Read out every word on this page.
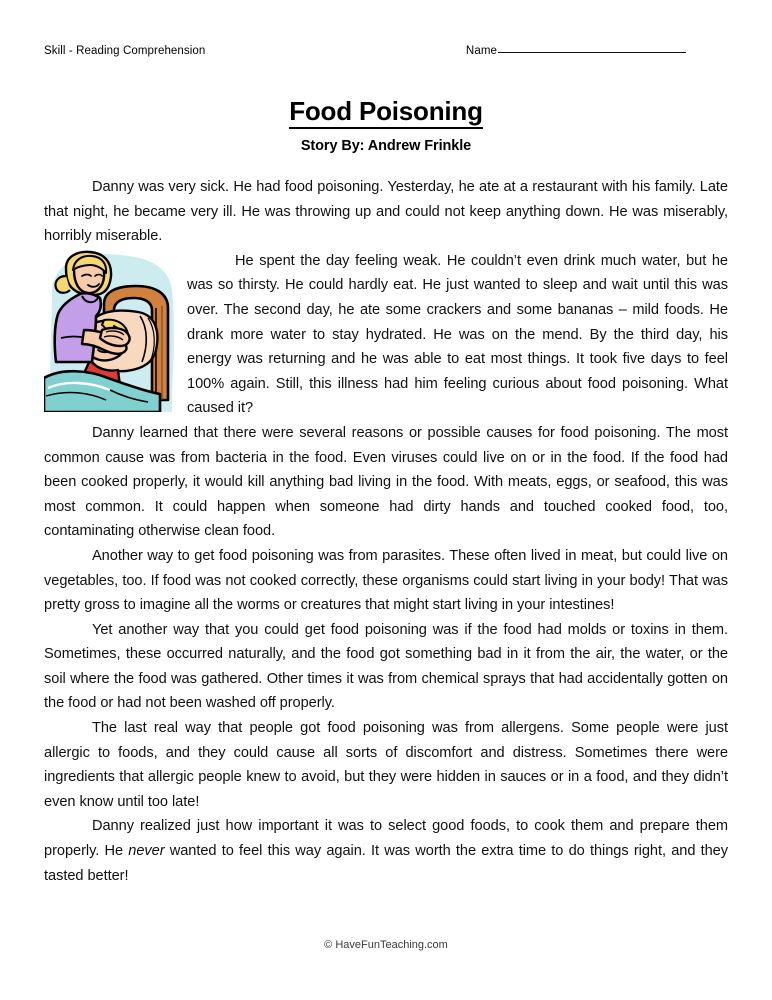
Skill - Reading Comprehension	Name
Food Poisoning
Story By: Andrew Frinkle

Danny was very sick. He had food poisoning. Yesterday, he ate at a restaurant with his family. Late that night, he became very ill. He was throwing up and could not keep anything down. He was miserably, horribly miserable.

He spent the day feeling weak. He couldn’t even drink much water, but he was so thirsty. He could hardly eat. He just wanted to sleep and wait until this was over. The second day, he ate some crackers and some bananas – mild foods. He drank more water to stay hydrated. He was on the mend. By the third day, his energy was returning and he was able to eat most things. It took five days to feel 100% again. Still, this illness had him feeling curious about food poisoning. What caused it?

Danny learned that there were several reasons or possible causes for food poisoning. The most common cause was from bacteria in the food. Even viruses could live on or in the food. If the food had been cooked properly, it would kill anything bad living in the food. With meats, eggs, or seafood, this was most common. It could happen when someone had dirty hands and touched cooked food, too, contaminating otherwise clean food.

Another way to get food poisoning was from parasites. These often lived in meat, but could live on vegetables, too. If food was not cooked correctly, these organisms could start living in your body! That was pretty gross to imagine all the worms or creatures that might start living in your intestines!

Yet another way that you could get food poisoning was if the food had molds or toxins in them. Sometimes, these occurred naturally, and the food got something bad in it from the air, the water, or the soil where the food was gathered. Other times it was from chemical sprays that had accidentally gotten on the food or had not been washed off properly.

The last real way that people got food poisoning was from allergens. Some people were just allergic to foods, and they could cause all sorts of discomfort and distress. Sometimes there were ingredients that allergic people knew to avoid, but they were hidden in sauces or in a food, and they didn’t even know until too late!

Danny realized just how important it was to select good foods, to cook them and prepare them properly. He never wanted to feel this way again. It was worth the extra time to do things right, and they tasted better!

© HaveFunTeaching.com
